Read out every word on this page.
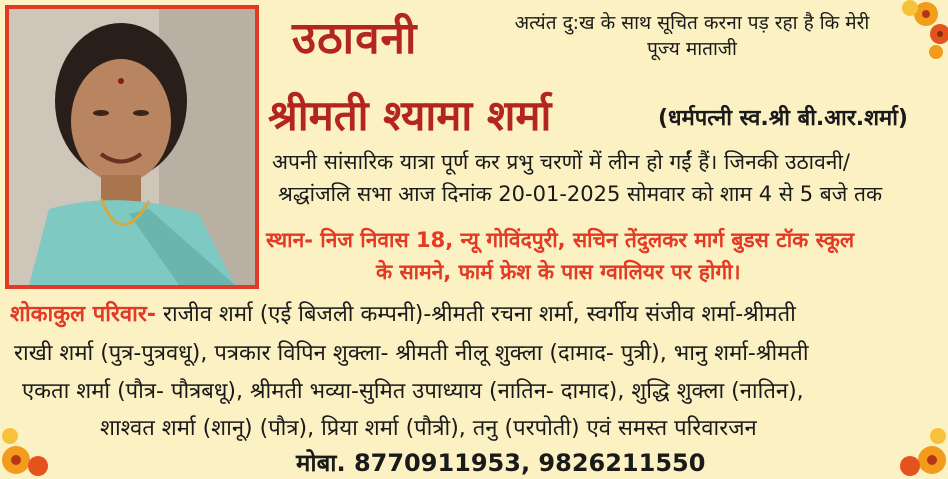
उठावनी	अत्यंत दु:ख के साथ सूचित करना पड़ रहा है कि मेरी पूज्य माताजी
श्रीमती श्यामा शर्मा	(धर्मपत्नी स्व.श्री बी.आर.शर्मा)
अपनी सांसारिक यात्रा पूर्ण कर प्रभु चरणों में लीन हो गईं हैं। जिनकी उठावनी/
श्रद्धांजलि सभा आज दिनांक 20-01-2025 सोमवार को शाम 4 से 5 बजे तक
स्थान- निज निवास 18, न्यू गोविंदपुरी, सचिन तेंदुलकर मार्ग बुडस टॉक स्कूल
के सामने, फार्म फ्रेश के पास ग्वालियर पर होगी।
शोकाकुल परिवार- राजीव शर्मा (एई बिजली कम्पनी)-श्रीमती रचना शर्मा, स्वर्गीय संजीव शर्मा-श्रीमती
राखी शर्मा (पुत्र-पुत्रवधू), पत्रकार विपिन शुक्ला- श्रीमती नीलू शुक्ला (दामाद- पुत्री), भानु शर्मा-श्रीमती
एकता शर्मा (पौत्र- पौत्रबधू), श्रीमती भव्या-सुमित उपाध्याय (नातिन- दामाद), शुद्धि शुक्ला (नातिन),
शाश्वत शर्मा (शानू) (पौत्र), प्रिया शर्मा (पौत्री), तनु (परपोती) एवं समस्त परिवारजन
मोबा. 8770911953, 9826211550
